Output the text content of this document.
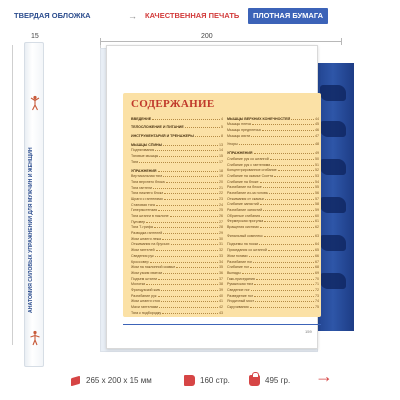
ТВЕРДАЯ ОБЛОЖКА	→ КАЧЕСТВЕННАЯ ПЕЧАТЬ	ПЛОТНАЯ БУМАГА
15	200
АНАТОМИЯ СИЛОВЫХ УПРАЖНЕНИЙ ДЛЯ МУЖЧИН И ЖЕНЩИН
СОДЕРЖАНИЕ
ВВЕДЕНИЕ	4
ТЕЛОСЛОЖЕНИЕ И ПИТАНИЕ	5
ИНСТРУМЕНТАРИЙ И ТРЕНАЖЕРЫ	8
МЫШЦЫ СПИНЫ	13
Подтягивания	14
Тяговые мышцы	15
Тяги	17
УПРАЖНЕНИЯ	18
Вертикальная тяга	19
Тяга верхнего блока	20
Тяга гантели	21
Тяга нижнего блока	22
Шраги с гантелями	23
Становая тяга	24
Гиперэкстензия	25
Тяга штанги в наклоне	26
Пуловер	27
Тяга Т-грифа	28
Разводка гантелей	29
Жим штанги лежа	30
Отжимания на брусьях	31
Жим гантелей	32
Сведения рук	33
Кроссовер	34
Жим на наклонной скамье	35
Жим узким хватом	36
Подъем штанги	37
Молотки	38
Французский жим	39
Разгибание рук	40
Жим штанги стоя	41
Махи гантелями	42
Тяга к подбородку	43
МЫШЦЫ ВЕРХНИХ КОНЕЧНОСТЕЙ	44
Мышцы плеча	45
Мышцы предплечья	46
Мышцы кисти	47
Упоры	48
УПРАЖНЕНИЯ	49
Сгибание рук со штангой	50
Сгибание рук с гантелями	51
Концентрированное сгибание	52
Сгибание на скамье Скотта	53
Сгибание на блоке	54
Разгибание на блоке	55
Разгибание из-за головы	56
Отжимания от скамьи	57
Сгибание запястий	58
Разгибание запястий	59
Обратные сгибания	60
Фермерская прогулка	61
Вращения кистями	62
Финальный комплекс	63
Подъемы на носки	64
Приседания со штангой	65
Жим ногами	66
Разгибание ног	67
Сгибание ног	68
Выпады	69
Гакк-приседания	70
Румынская тяга	71
Сведение ног	72
Разведение ног	73
Ягодичный мост	74
Скручивания	75
159
265 x 200 x 15 мм	160 стр.	495 гр. →
